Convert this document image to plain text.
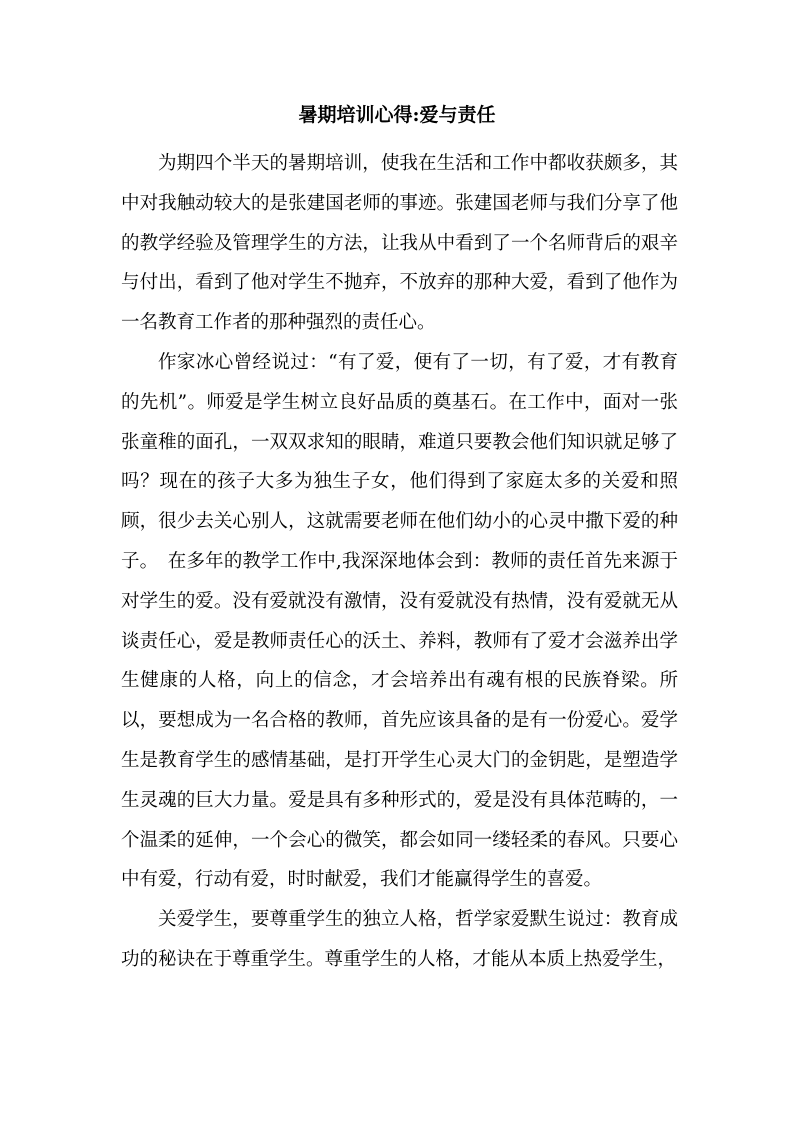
暑期培训心得:爱与责任

为期四个半天的暑期培训，使我在生活和工作中都收获颇多，其中对我触动较大的是张建国老师的事迹。张建国老师与我们分享了他的教学经验及管理学生的方法，让我从中看到了一个名师背后的艰辛与付出，看到了他对学生不抛弃，不放弃的那种大爱，看到了他作为一名教育工作者的那种强烈的责任心。

作家冰心曾经说过：“有了爱，便有了一切，有了爱，才有教育的先机”。师爱是学生树立良好品质的奠基石。在工作中，面对一张张童稚的面孔，一双双求知的眼睛，难道只要教会他们知识就足够了吗？现在的孩子大多为独生子女，他们得到了家庭太多的关爱和照顾，很少去关心别人，这就需要老师在他们幼小的心灵中撒下爱的种子。　在多年的教学工作中,我深深地体会到：教师的责任首先来源于对学生的爱。没有爱就没有激情，没有爱就没有热情，没有爱就无从谈责任心，爱是教师责任心的沃土、养料，教师有了爱才会滋养出学生健康的人格，向上的信念，才会培养出有魂有根的民族脊梁。所以，要想成为一名合格的教师，首先应该具备的是有一份爱心。爱学生是教育学生的感情基础，是打开学生心灵大门的金钥匙，是塑造学生灵魂的巨大力量。爱是具有多种形式的，爱是没有具体范畴的，一个温柔的延伸，一个会心的微笑，都会如同一缕轻柔的春风。只要心中有爱，行动有爱，时时献爱，我们才能赢得学生的喜爱。

关爱学生，要尊重学生的独立人格，哲学家爱默生说过：教育成功的秘诀在于尊重学生。尊重学生的人格，才能从本质上热爱学生，
